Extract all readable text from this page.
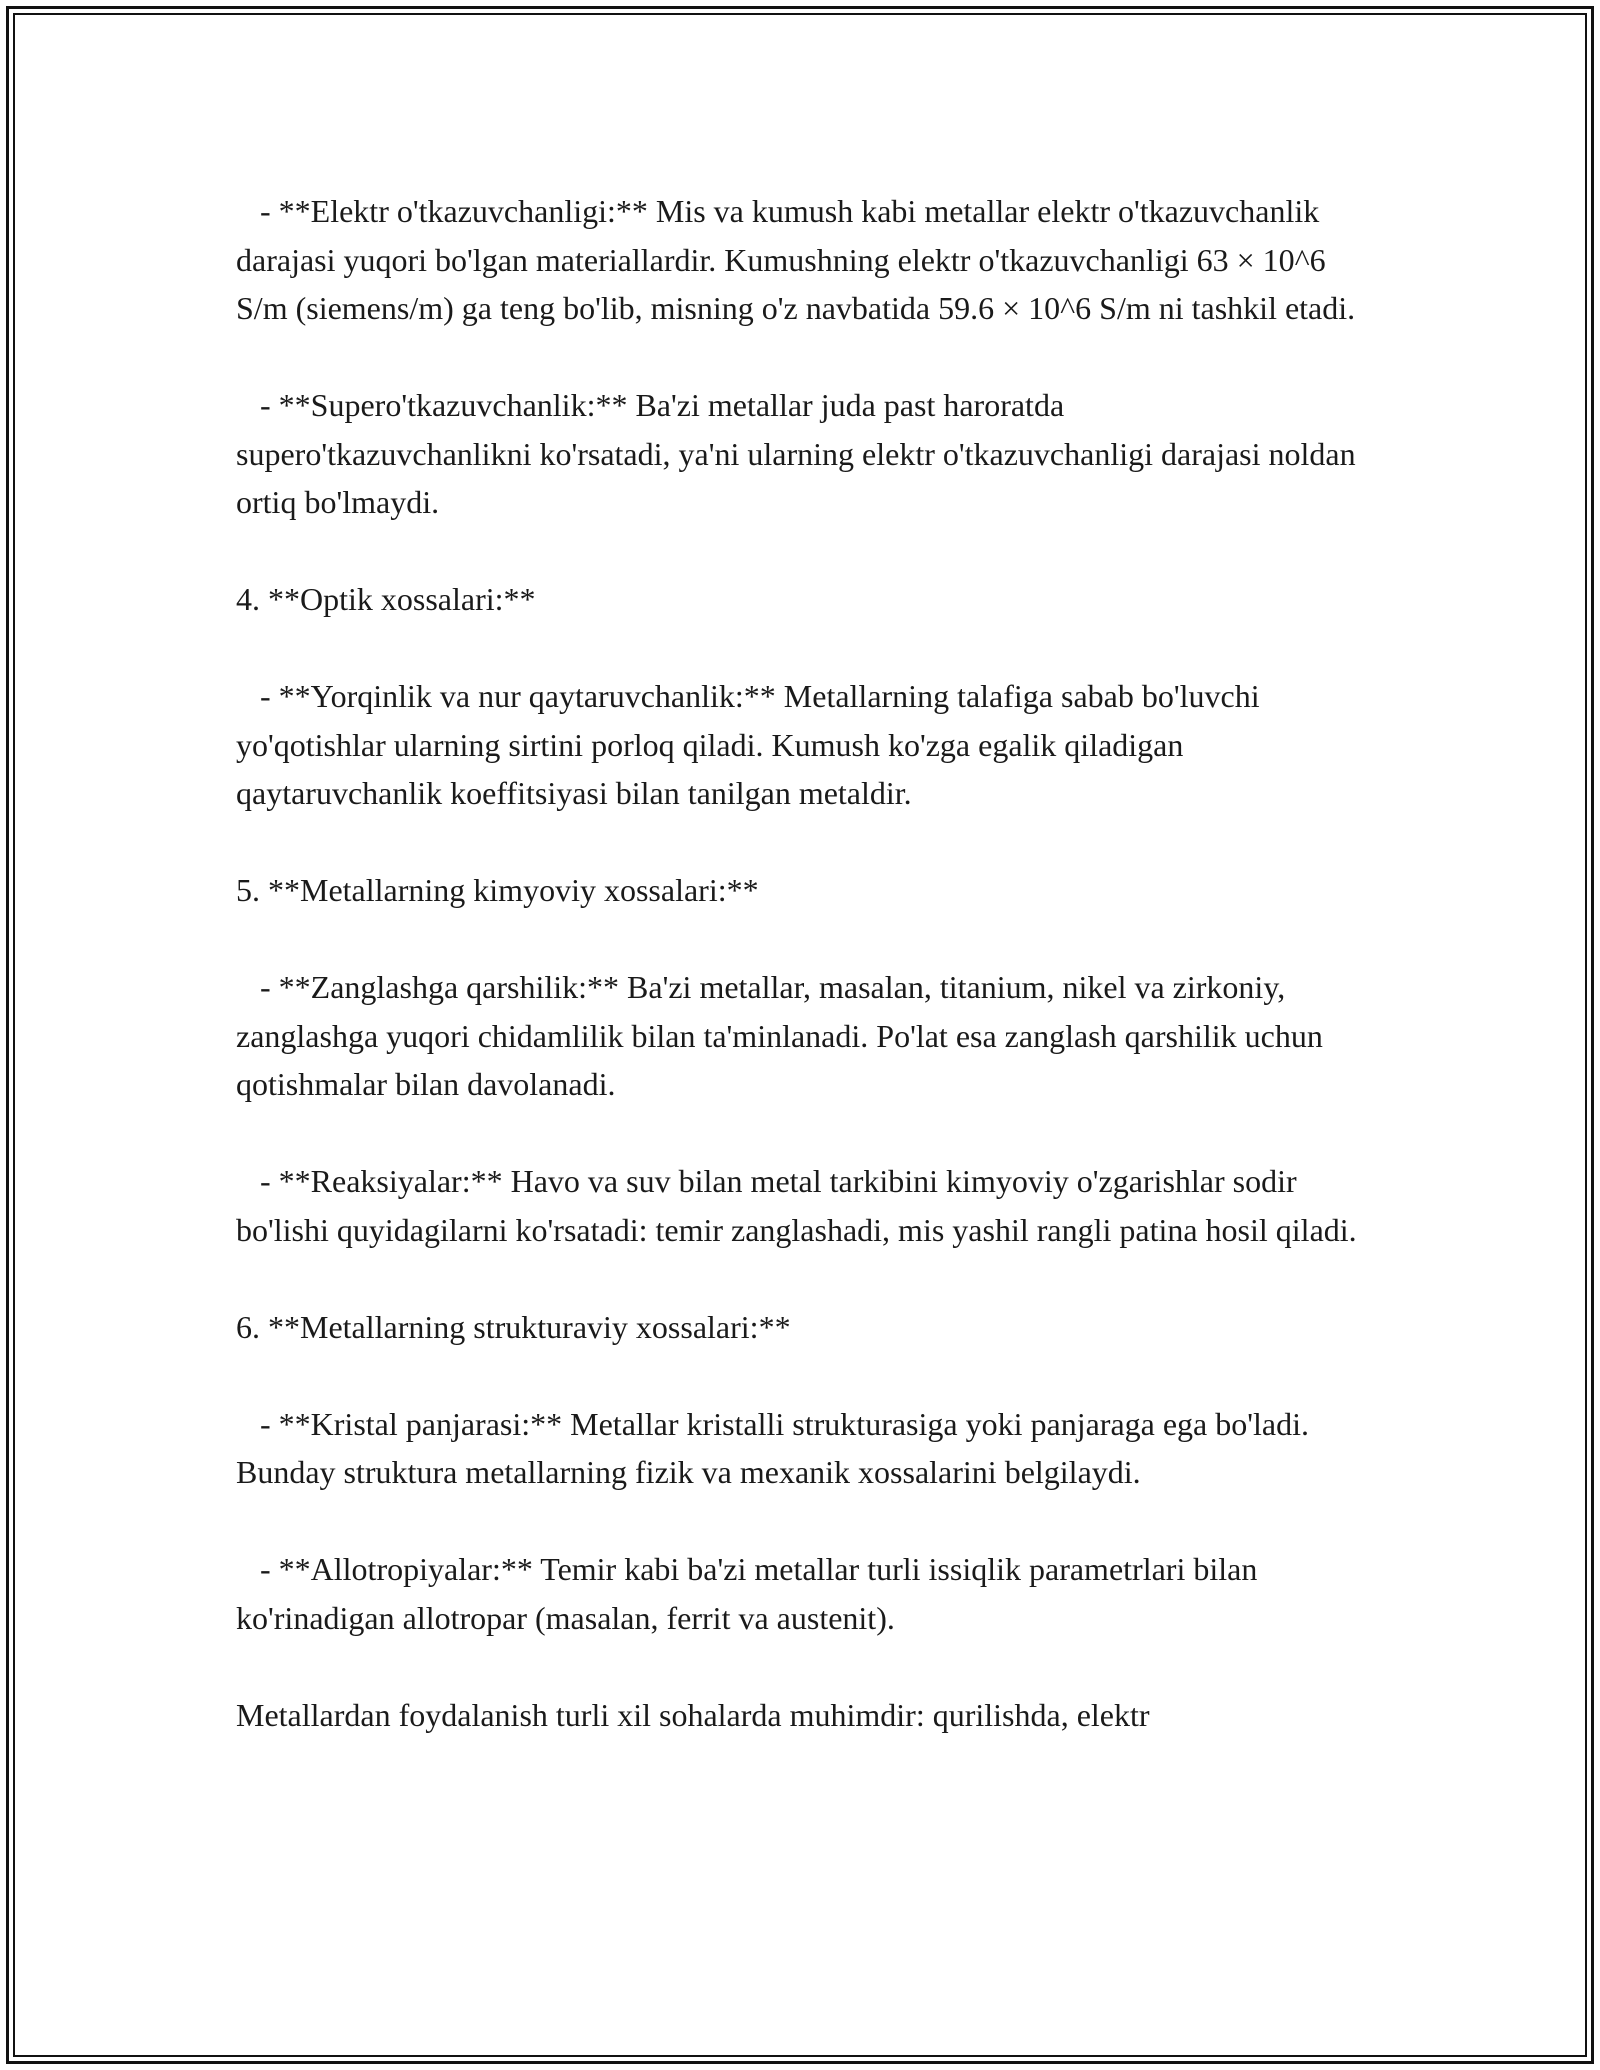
- **Elektr o'tkazuvchanligi:** Mis va kumush kabi metallar elektr o'tkazuvchanlik darajasi yuqori bo'lgan materiallardir. Kumushning elektr o'tkazuvchanligi 63 × 10^6 S/m (siemens/m) ga teng bo'lib, misning o'z navbatida 59.6 × 10^6 S/m ni tashkil etadi.

- **Supero'tkazuvchanlik:** Ba'zi metallar juda past haroratda supero'tkazuvchanlikni ko'rsatadi, ya'ni ularning elektr o'tkazuvchanligi darajasi noldan ortiq bo'lmaydi.

4. **Optik xossalari:**

- **Yorqinlik va nur qaytaruvchanlik:** Metallarning talafiga sabab bo'luvchi yo'qotishlar ularning sirtini porloq qiladi. Kumush ko'zga egalik qiladigan qaytaruvchanlik koeffitsiyasi bilan tanilgan metaldir.

5. **Metallarning kimyoviy xossalari:**

- **Zanglashga qarshilik:** Ba'zi metallar, masalan, titanium, nikel va zirkoniy, zanglashga yuqori chidamlilik bilan ta'minlanadi. Po'lat esa zanglash qarshilik uchun qotishmalar bilan davolanadi.

- **Reaksiyalar:** Havo va suv bilan metal tarkibini kimyoviy o'zgarishlar sodir bo'lishi quyidagilarni ko'rsatadi: temir zanglashadi, mis yashil rangli patina hosil qiladi.

6. **Metallarning strukturaviy xossalari:**

- **Kristal panjarasi:** Metallar kristalli strukturasiga yoki panjaraga ega bo'ladi. Bunday struktura metallarning fizik va mexanik xossalarini belgilaydi.

- **Allotropiyalar:** Temir kabi ba'zi metallar turli issiqlik parametrlari bilan ko'rinadigan allotropar (masalan, ferrit va austenit).

Metallardan foydalanish turli xil sohalarda muhimdir: qurilishda, elektr
